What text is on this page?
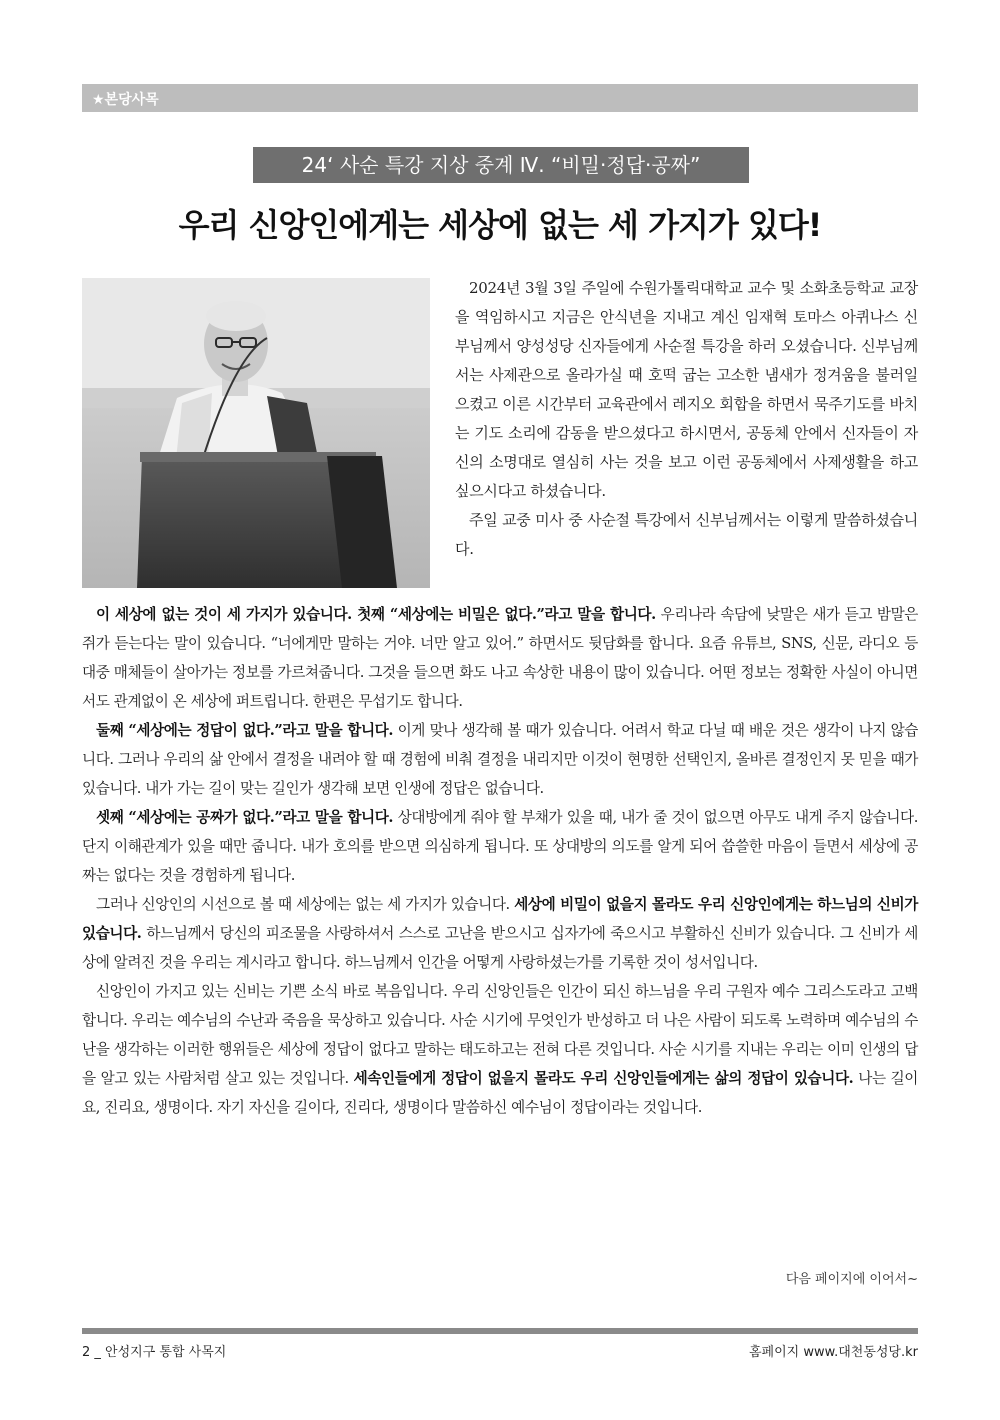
★본당사목
24‘ 사순 특강 지상 중계 Ⅳ. “비밀·정답·공짜”
우리 신앙인에게는 세상에 없는 세 가지가 있다!

2024년 3월 3일 주일에 수원가톨릭대학교 교수 및 소화초등학교 교장을 역임하시고 지금은 안식년을 지내고 계신 임재혁 토마스 아퀴나스 신부님께서 양성성당 신자들에게 사순절 특강을 하러 오셨습니다. 신부님께서는 사제관으로 올라가실 때 호떡 굽는 고소한 냄새가 정겨움을 불러일으켰고 이른 시간부터 교육관에서 레지오 회합을 하면서 묵주기도를 바치는 기도 소리에 감동을 받으셨다고 하시면서, 공동체 안에서 신자들이 자신의 소명대로 열심히 사는 것을 보고 이런 공동체에서 사제생활을 하고 싶으시다고 하셨습니다.

주일 교중 미사 중 사순절 특강에서 신부님께서는 이렇게 말씀하셨습니다.

이 세상에 없는 것이 세 가지가 있습니다. 첫째 “세상에는 비밀은 없다.”라고 말을 합니다. 우리나라 속담에 낮말은 새가 듣고 밤말은 쥐가 듣는다는 말이 있습니다. “너에게만 말하는 거야. 너만 알고 있어.” 하면서도 뒷담화를 합니다. 요즘 유튜브, SNS, 신문, 라디오 등 대중 매체들이 살아가는 정보를 가르쳐줍니다. 그것을 들으면 화도 나고 속상한 내용이 많이 있습니다. 어떤 정보는 정확한 사실이 아니면서도 관계없이 온 세상에 퍼트립니다. 한편은 무섭기도 합니다.

둘째 “세상에는 정답이 없다.”라고 말을 합니다. 이게 맞나 생각해 볼 때가 있습니다. 어려서 학교 다닐 때 배운 것은 생각이 나지 않습니다. 그러나 우리의 삶 안에서 결정을 내려야 할 때 경험에 비춰 결정을 내리지만 이것이 현명한 선택인지, 올바른 결정인지 못 믿을 때가 있습니다. 내가 가는 길이 맞는 길인가 생각해 보면 인생에 정답은 없습니다.

셋째 “세상에는 공짜가 없다.”라고 말을 합니다. 상대방에게 줘야 할 부채가 있을 때, 내가 줄 것이 없으면 아무도 내게 주지 않습니다. 단지 이해관계가 있을 때만 줍니다. 내가 호의를 받으면 의심하게 됩니다. 또 상대방의 의도를 알게 되어 씁쓸한 마음이 들면서 세상에 공짜는 없다는 것을 경험하게 됩니다.

그러나 신앙인의 시선으로 볼 때 세상에는 없는 세 가지가 있습니다. 세상에 비밀이 없을지 몰라도 우리 신앙인에게는 하느님의 신비가 있습니다. 하느님께서 당신의 피조물을 사랑하셔서 스스로 고난을 받으시고 십자가에 죽으시고 부활하신 신비가 있습니다. 그 신비가 세상에 알려진 것을 우리는 계시라고 합니다. 하느님께서 인간을 어떻게 사랑하셨는가를 기록한 것이 성서입니다.

신앙인이 가지고 있는 신비는 기쁜 소식 바로 복음입니다. 우리 신앙인들은 인간이 되신 하느님을 우리 구원자 예수 그리스도라고 고백합니다. 우리는 예수님의 수난과 죽음을 묵상하고 있습니다. 사순 시기에 무엇인가 반성하고 더 나은 사람이 되도록 노력하며 예수님의 수난을 생각하는 이러한 행위들은 세상에 정답이 없다고 말하는 태도하고는 전혀 다른 것입니다. 사순 시기를 지내는 우리는 이미 인생의 답을 알고 있는 사람처럼 살고 있는 것입니다. 세속인들에게 정답이 없을지 몰라도 우리 신앙인들에게는 삶의 정답이 있습니다. 나는 길이요, 진리요, 생명이다. 자기 자신을 길이다, 진리다, 생명이다 말씀하신 예수님이 정답이라는 것입니다.

다음 페이지에 이어서~
2 _ 안성지구 통합 사목지	홈페이지 www.대천동성당.kr
